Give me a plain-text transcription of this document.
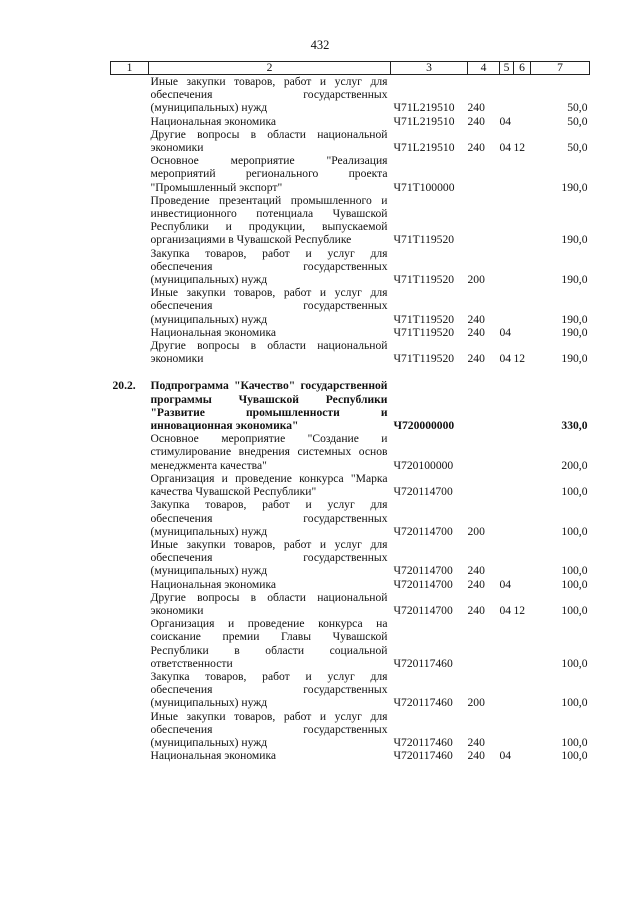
432
1	2	3	4	5	6	7
	Иные закупки товаров, работ и услуг для обеспечения государственных (муниципальных) нужд	Ч71L219510	240			50,0
	Национальная экономика	Ч71L219510	240	04		50,0
	Другие вопросы в области национальной экономики	Ч71L219510	240	04	12	50,0
	Основное мероприятие "Реализация мероприятий регионального проекта "Промышленный экспорт"	Ч71Т100000				190,0
	Проведение презентаций промышленного и инвестиционного потенциала Чувашской Республики и продукции, выпускаемой организациями в Чувашской Республике	Ч71Т119520				190,0
	Закупка товаров, работ и услуг для обеспечения государственных (муниципальных) нужд	Ч71Т119520	200			190,0
	Иные закупки товаров, работ и услуг для обеспечения государственных (муниципальных) нужд	Ч71Т119520	240			190,0
	Национальная экономика	Ч71Т119520	240	04		190,0
	Другие вопросы в области национальной экономики	Ч71Т119520	240	04	12	190,0

20.2.	Подпрограмма "Качество" государственной программы Чувашской Республики "Развитие промышленности и инновационная экономика"	Ч720000000				330,0
	Основное мероприятие "Создание и стимулирование внедрения системных основ менеджмента качества"	Ч720100000				200,0
	Организация и проведение конкурса "Марка качества Чувашской Республики"	Ч720114700				100,0
	Закупка товаров, работ и услуг для обеспечения государственных (муниципальных) нужд	Ч720114700	200			100,0
	Иные закупки товаров, работ и услуг для обеспечения государственных (муниципальных) нужд	Ч720114700	240			100,0
	Национальная экономика	Ч720114700	240	04		100,0
	Другие вопросы в области национальной экономики	Ч720114700	240	04	12	100,0
	Организация и проведение конкурса на соискание премии Главы Чувашской Республики в области социальной ответственности	Ч720117460				100,0
	Закупка товаров, работ и услуг для обеспечения государственных (муниципальных) нужд	Ч720117460	200			100,0
	Иные закупки товаров, работ и услуг для обеспечения государственных (муниципальных) нужд	Ч720117460	240			100,0
	Национальная экономика	Ч720117460	240	04		100,0
